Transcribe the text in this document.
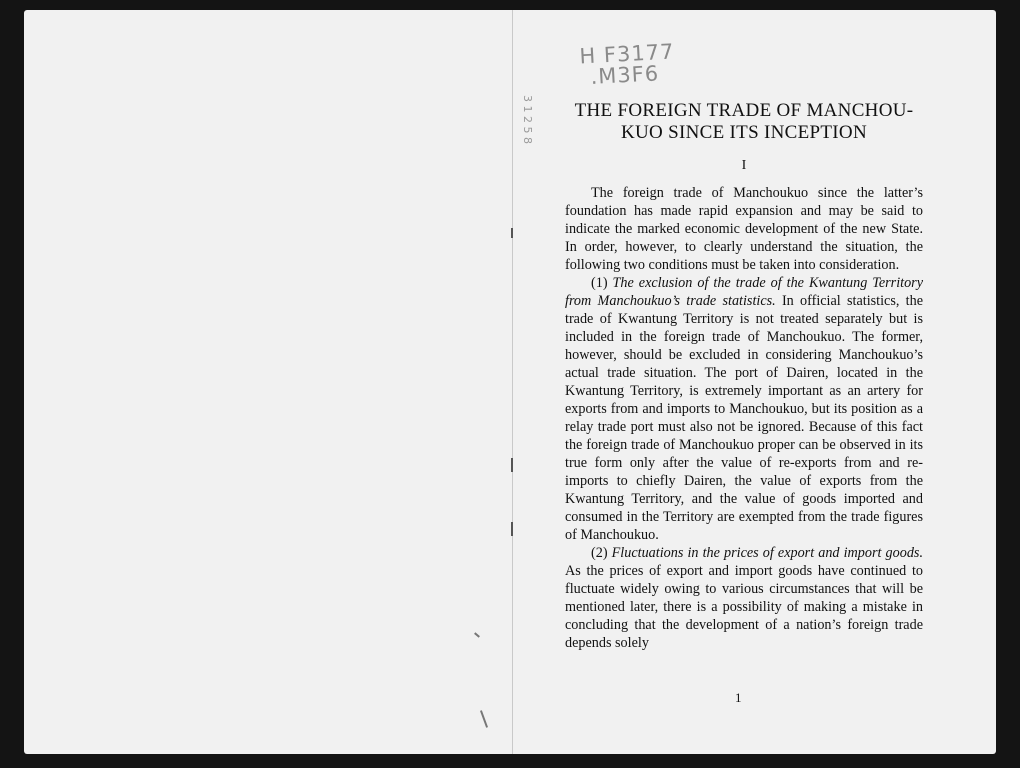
H F3177
.M3F6
3 1 2 5 8	THE FOREIGN TRADE OF MANCHOU-
KUO SINCE ITS INCEPTION
I

The foreign trade of Manchoukuo since the latter’s foundation has made rapid expansion and may be said to indicate the marked economic development of the new State. In order, however, to clearly understand the situation, the following two conditions must be taken into consideration.

(1) The exclusion of the trade of the Kwantung Territory from Manchoukuo’s trade statistics. In official statistics, the trade of Kwantung Territory is not treated separately but is included in the foreign trade of Manchoukuo. The former, however, should be excluded in considering Manchoukuo’s actual trade situation. The port of Dairen, located in the Kwantung Territory, is extremely important as an artery for exports from and imports to Manchoukuo, but its position as a relay trade port must also not be ignored. Because of this fact the foreign trade of Manchoukuo proper can be observed in its true form only after the value of re-exports from and re-imports to chiefly Dairen, the value of exports from the Kwantung Territory, and the value of goods imported and consumed in the Territory are exempted from the trade figures of Manchoukuo.

(2) Fluctuations in the prices of export and import goods. As the prices of export and import goods have continued to fluctuate widely owing to various circumstances that will be mentioned later, there is a possibility of making a mistake in concluding that the development of a nation’s foreign trade depends solely

1
